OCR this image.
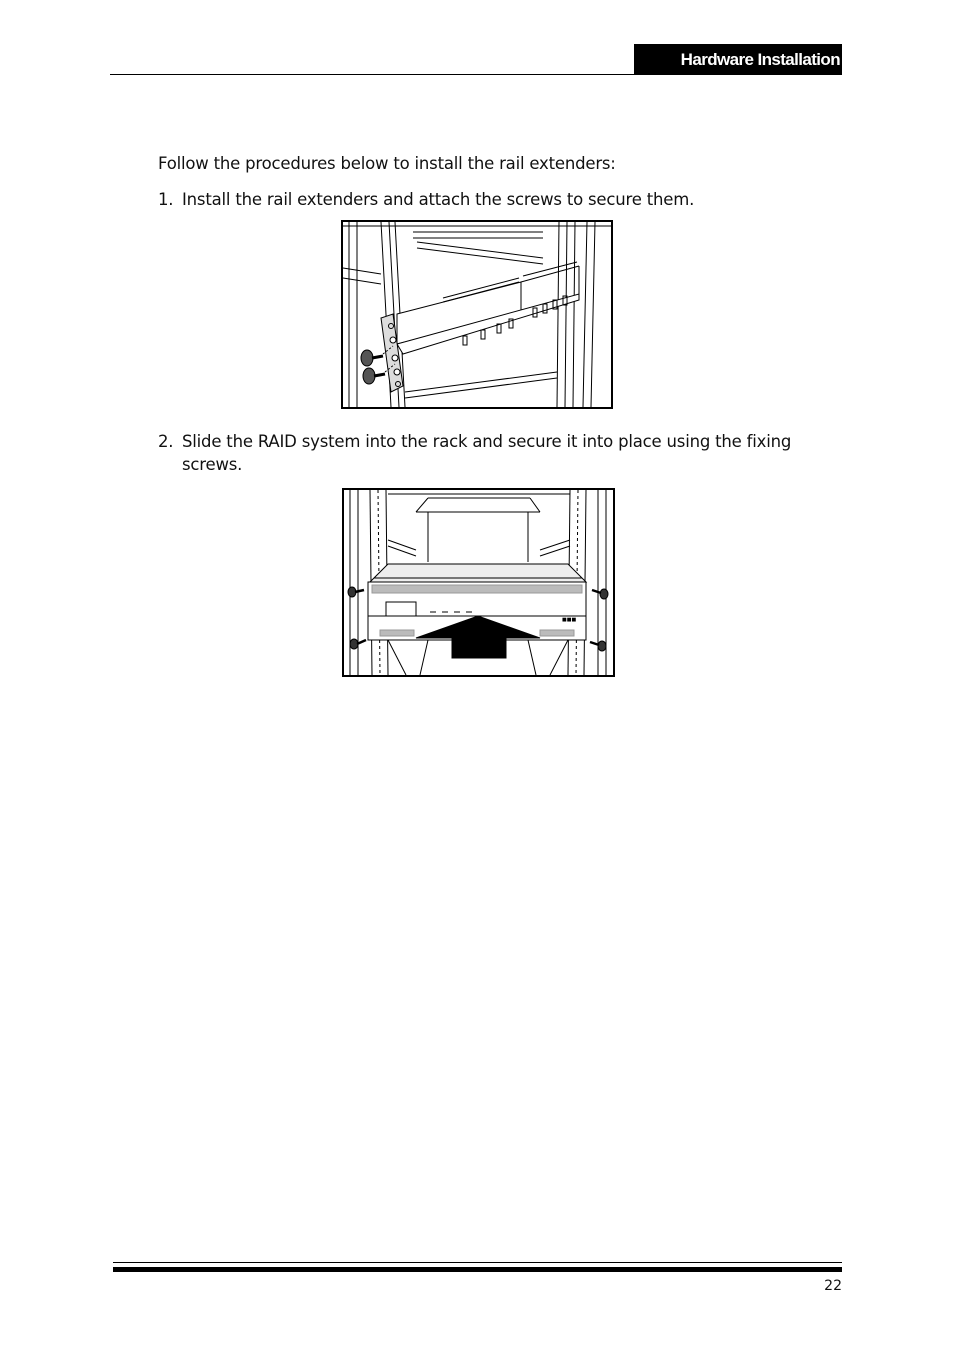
Hardware Installation
Follow the procedures below to install the rail extenders:
1. Install the rail extenders and attach the screws to secure them.
2. Slide the RAID system into the rack and secure it into place using the fixing screws.
■■■
22
